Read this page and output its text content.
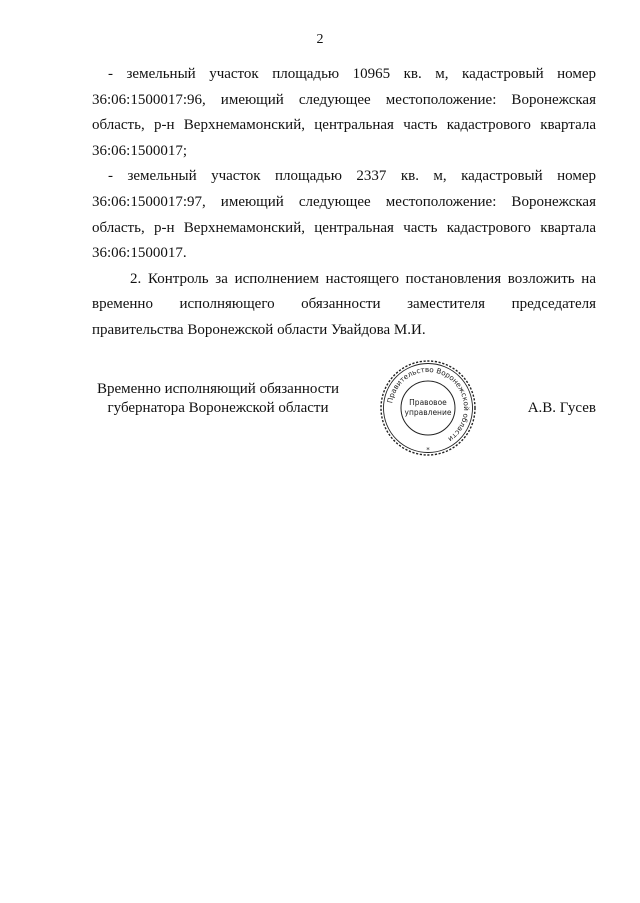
2

- земельный участок площадью 10965 кв. м, кадастровый номер 36:06:1500017:96, имеющий следующее местоположение: Воронежская область, р-н Верхнемамонский, центральная часть кадастрового квартала 36:06:1500017;

- земельный участок площадью 2337 кв. м, кадастровый номер 36:06:1500017:97, имеющий следующее местоположение: Воронежская область, р-н Верхнемамонский, центральная часть кадастрового квартала 36:06:1500017.

2. Контроль за исполнением настоящего постановления возложить на временно исполняющего обязанности заместителя председателя правительства Воронежской области Увайдова М.И.

Временно исполняющий обязанности
губернатора Воронежской области	Правительство Воронежской области
Правовое
управление
*
А.В. Гусев
